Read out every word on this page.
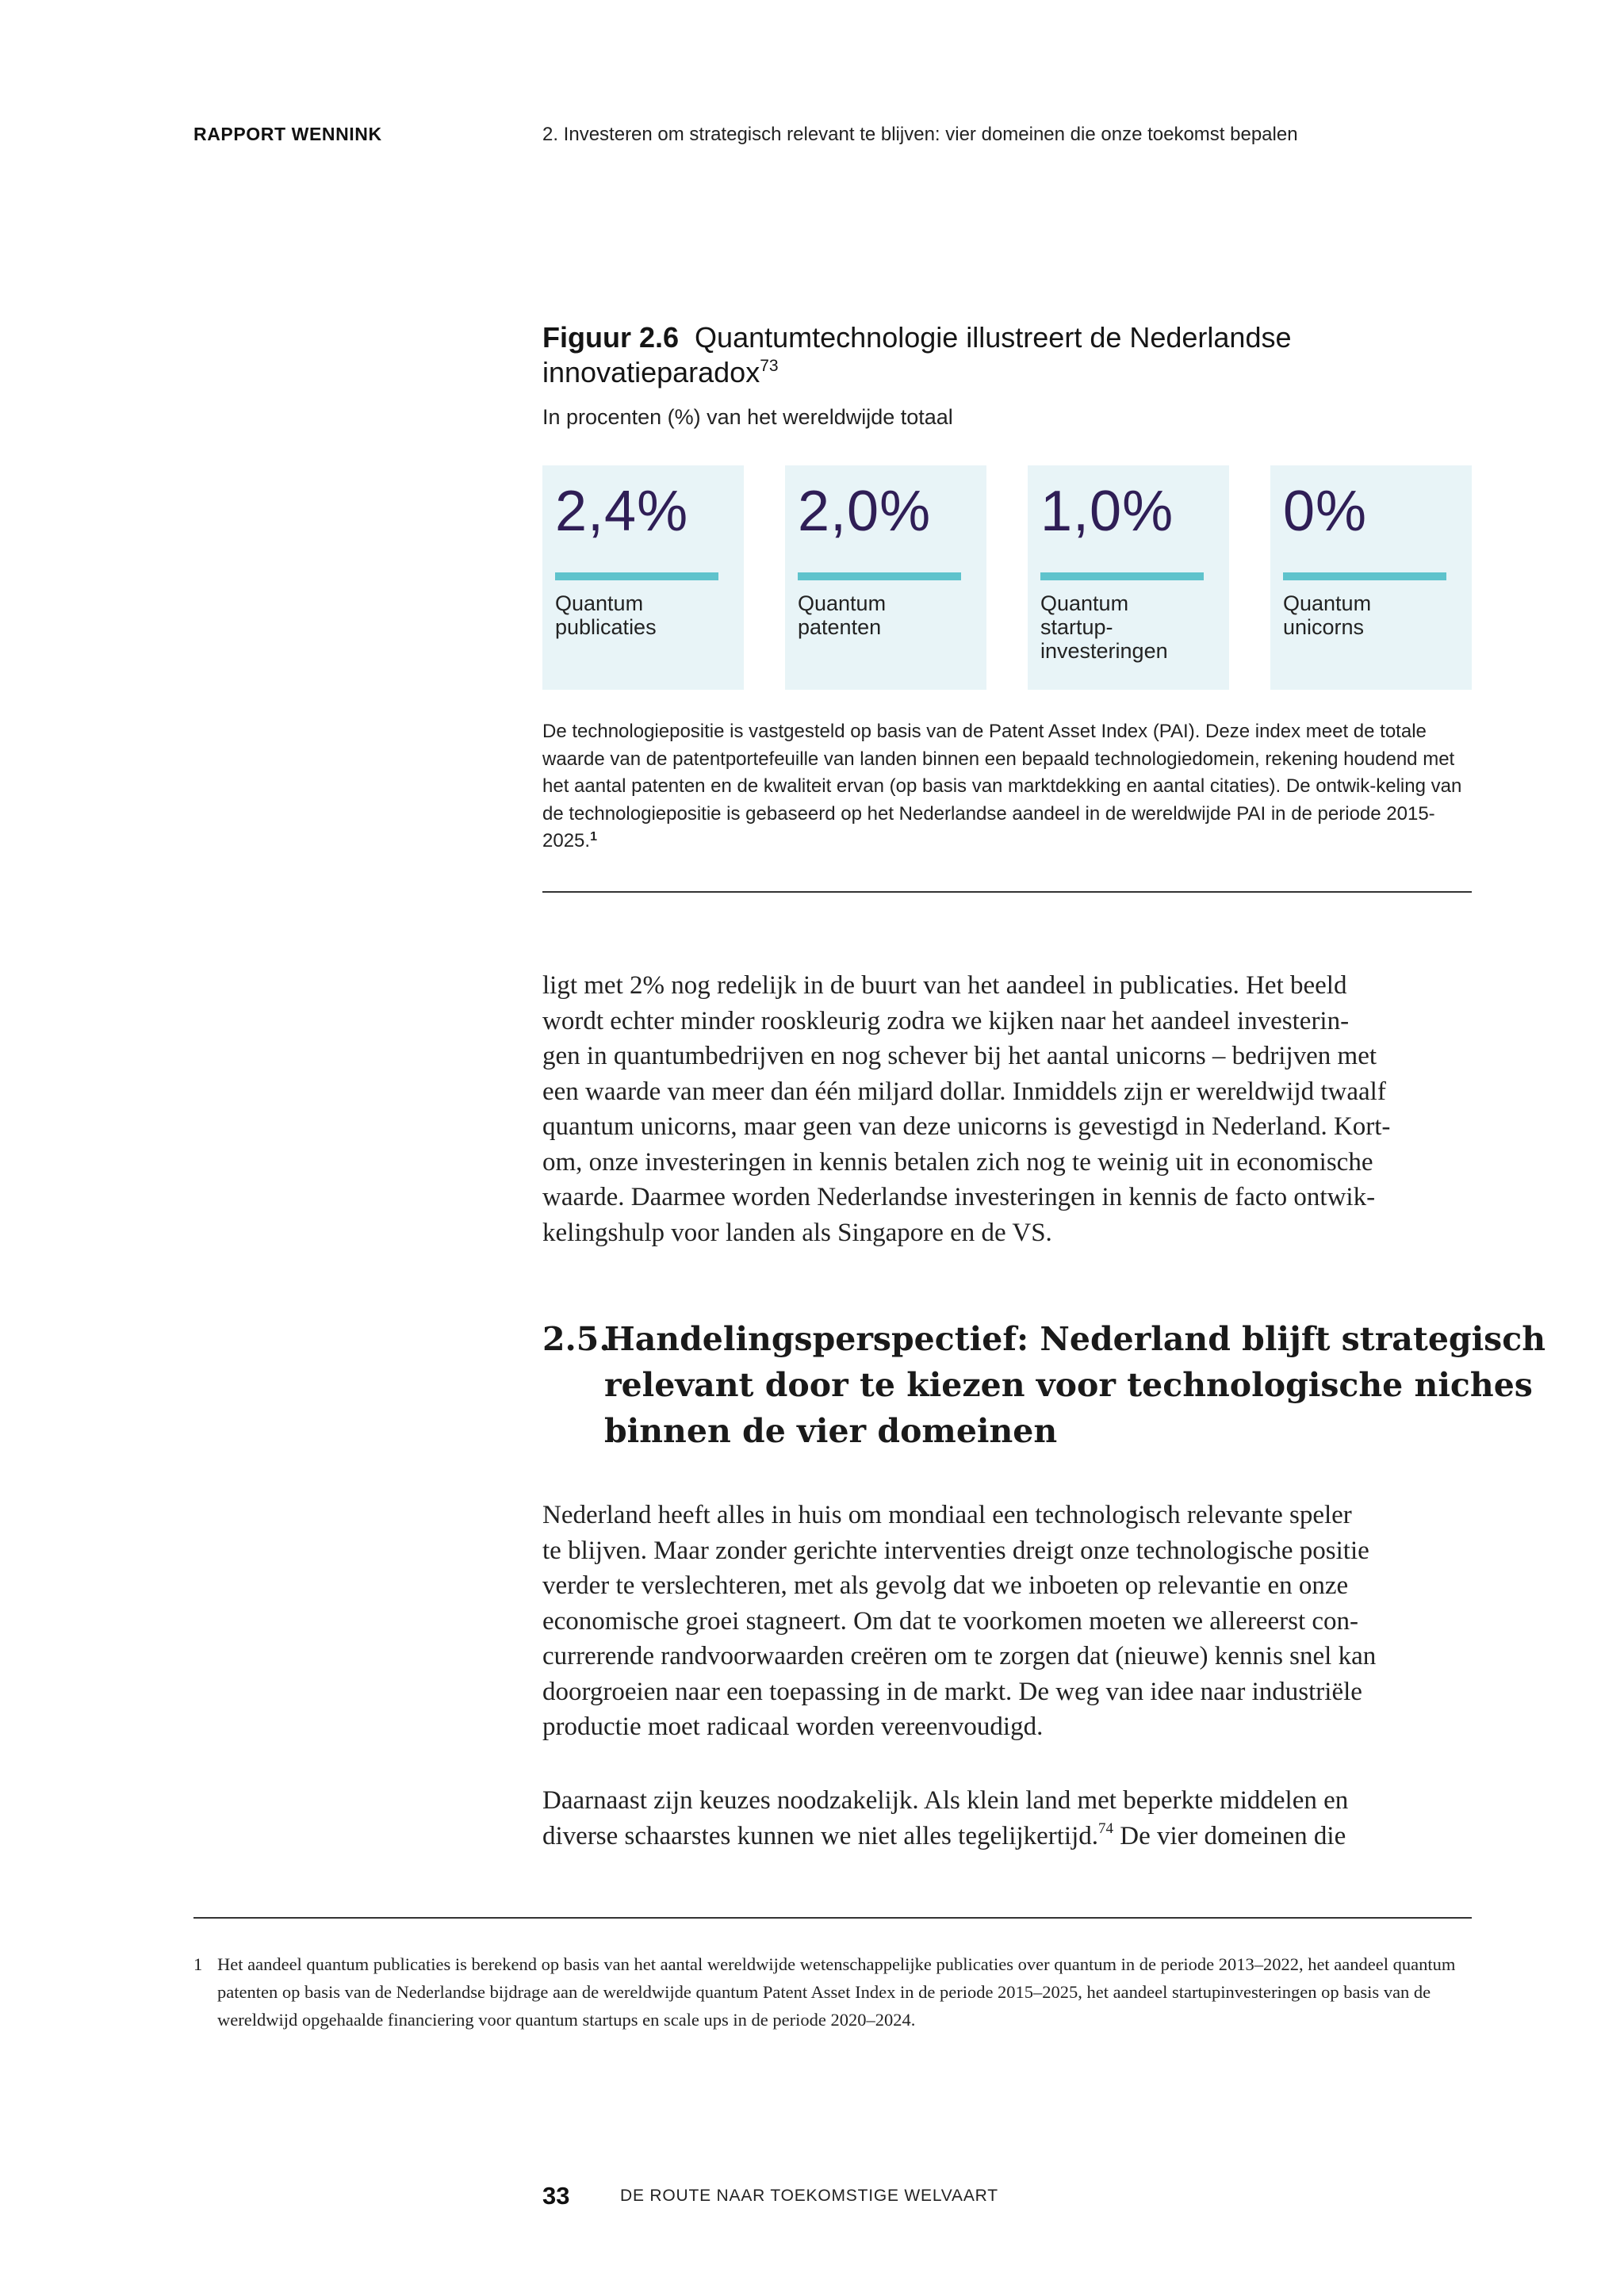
RAPPORT WENNINK	2. Investeren om strategisch relevant te blijven: vier domeinen die onze toekomst bepalen
Figuur 2.6 Quantumtechnologie illustreert de Nederlandse innovatieparadox$^{73}$
In procenten (%) van het wereldwijde totaal
2,4%
Quantum
publicaties
2,0%
Quantum
patenten
1,0%
Quantum
startup-
investeringen
0%
Quantum
unicorns
De technologiepositie is vastgesteld op basis van de Patent Asset Index (PAI). Deze index meet de totale waarde van de patentportefeuille van landen binnen een bepaald technologiedomein, rekening houdend met het aantal patenten en de kwaliteit ervan (op basis van marktdekking en aantal citaties). De ontwik-keling van de technologiepositie is gebaseerd op het Nederlandse aandeel in de wereldwijde PAI in de periode 2015-2025.$^1$

ligt met 2% nog redelijk in de buurt van het aandeel in publicaties. Het beeld
wordt echter minder rooskleurig zodra we kijken naar het aandeel investerin-
gen in quantumbedrijven en nog schever bij het aantal unicorns – bedrijven met
een waarde van meer dan één miljard dollar. Inmiddels zijn er wereldwijd twaalf
quantum unicorns, maar geen van deze unicorns is gevestigd in Nederland. Kort-
om, onze investeringen in kennis betalen zich nog te weinig uit in economische
waarde. Daarmee worden Nederlandse investeringen in kennis de facto ontwik-
kelingshulp voor landen als Singapore en de VS.

2.5.Handelingsperspectief: Nederland blijft strategisch
relevant door te kiezen voor technologische niches
binnen de vier domeinen

Nederland heeft alles in huis om mondiaal een technologisch relevante speler
te blijven. Maar zonder gerichte interventies dreigt onze technologische positie
verder te verslechteren, met als gevolg dat we inboeten op relevantie en onze
economische groei stagneert. Om dat te voorkomen moeten we allereerst con-
currerende randvoorwaarden creëren om te zorgen dat (nieuwe) kennis snel kan
doorgroeien naar een toepassing in de markt. De weg van idee naar industriële
productie moet radicaal worden vereenvoudigd.

Daarnaast zijn keuzes noodzakelijk. Als klein land met beperkte middelen en

diverse schaarstes kunnen we niet alles tegelijkertijd.$^{74}$ De vier domeinen die

1 Het aandeel quantum publicaties is berekend op basis van het aantal wereldwijde wetenschappelijke publicaties over quantum in de periode 2013–2022, het aandeel quantum patenten op basis van de Nederlandse bijdrage aan de wereldwijde quantum Patent Asset Index in de periode 2015–2025, het aandeel startupinvesteringen op basis van de wereldwijd opgehaalde financiering voor quantum startups en scale ups in de periode 2020–2024.
33	DE ROUTE NAAR TOEKOMSTIGE WELVAART
